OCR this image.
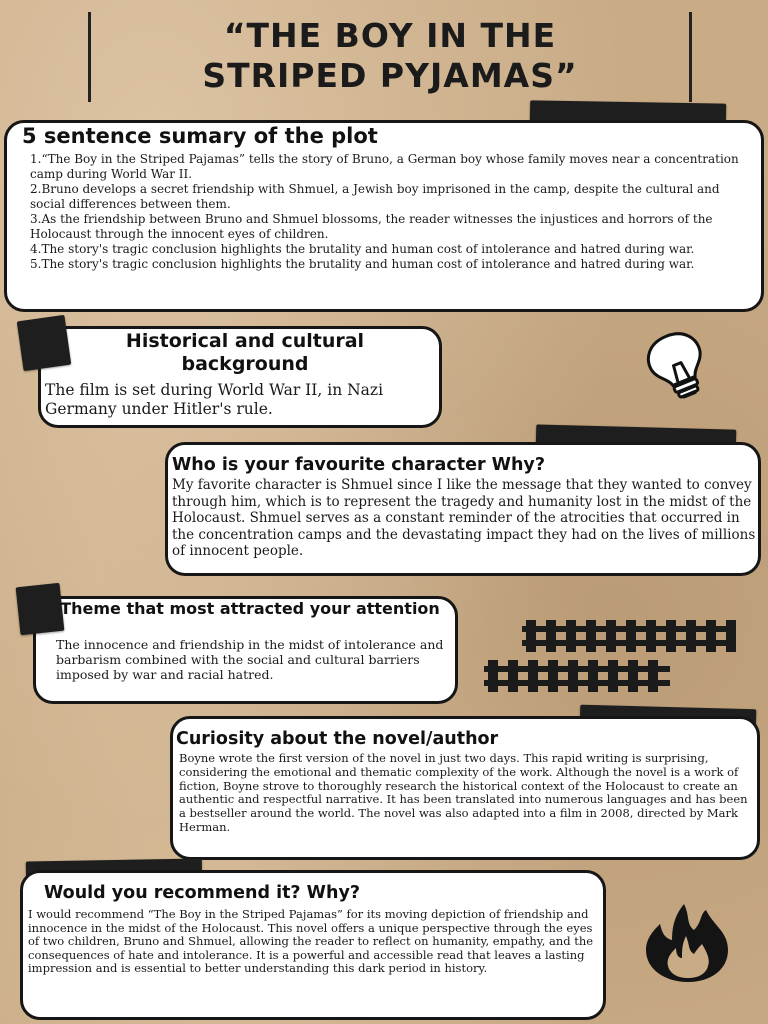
“THE BOY IN THE
STRIPED PYJAMAS”
5 sentence sumary of the plot
1.“The Boy in the Striped Pajamas” tells the story of Bruno, a German boy whose family moves near a concentration camp during World War II.
2.Bruno develops a secret friendship with Shmuel, a Jewish boy imprisoned in the camp, despite the cultural and social differences between them.
3.As the friendship between Bruno and Shmuel blossoms, the reader witnesses the injustices and horrors of the Holocaust through the innocent eyes of children.
4.The story's tragic conclusion highlights the brutality and human cost of intolerance and hatred during war.
5.The story's tragic conclusion highlights the brutality and human cost of intolerance and hatred during war.
Historical and cultural background
The film is set during World War II, in Nazi Germany under Hitler's rule.
Who is your favourite character Why?
My favorite character is Shmuel since I like the message that they wanted to convey through him, which is to represent the tragedy and humanity lost in the midst of the Holocaust. Shmuel serves as a constant reminder of the atrocities that occurred in the concentration camps and the devastating impact they had on the lives of millions of innocent people.
Theme that most attracted your attention
The innocence and friendship in the midst of intolerance and barbarism combined with the social and cultural barriers imposed by war and racial hatred.
Curiosity about the novel/author
Boyne wrote the first version of the novel in just two days. This rapid writing is surprising, considering the emotional and thematic complexity of the work. Although the novel is a work of fiction, Boyne strove to thoroughly research the historical context of the Holocaust to create an authentic and respectful narrative. It has been translated into numerous languages and has been a bestseller around the world. The novel was also adapted into a film in 2008, directed by Mark Herman.
Would you recommend it? Why?
I would recommend “The Boy in the Striped Pajamas” for its moving depiction of friendship and innocence in the midst of the Holocaust. This novel offers a unique perspective through the eyes of two children, Bruno and Shmuel, allowing the reader to reflect on humanity, empathy, and the consequences of hate and intolerance. It is a powerful and accessible read that leaves a lasting impression and is essential to better understanding this dark period in history.
